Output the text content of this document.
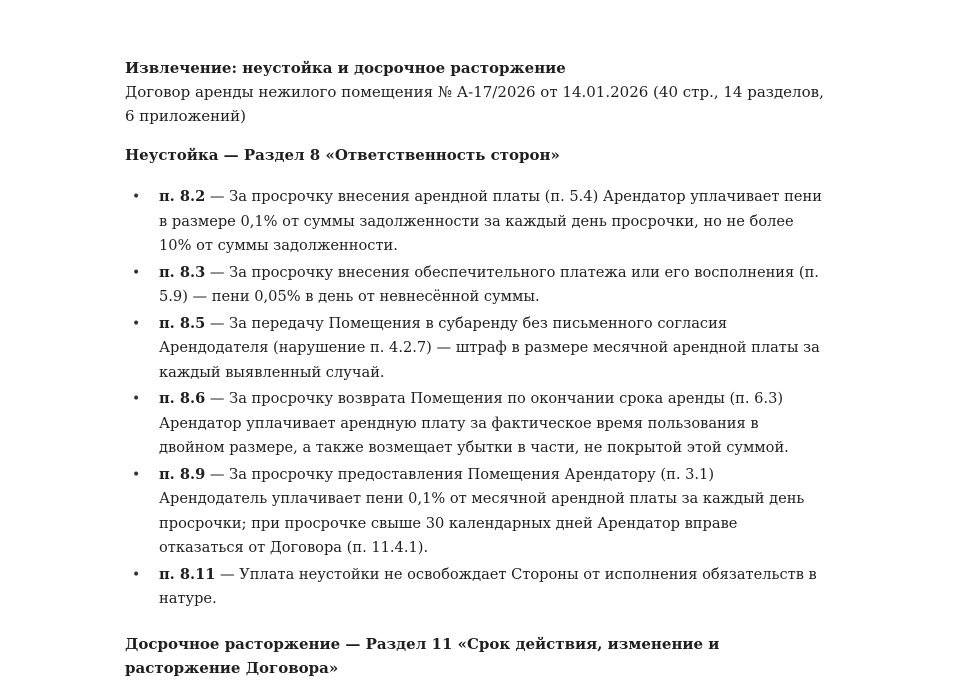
Извлечение: неустойка и досрочное расторжение

Договор аренды нежилого помещения № А-17/2026 от 14.01.2026 (40 стр., 14 разделов, 6 приложений)

Неустойка — Раздел 8 «Ответственность сторон»

• п. 8.2 — За просрочку внесения арендной платы (п. 5.4) Арендатор уплачивает пени в размере 0,1% от суммы задолженности за каждый день просрочки, но не более 10% от суммы задолженности.
• п. 8.3 — За просрочку внесения обеспечительного платежа или его восполнения (п. 5.9) — пени 0,05% в день от невнесённой суммы.
• п. 8.5 — За передачу Помещения в субаренду без письменного согласия Арендодателя (нарушение п. 4.2.7) — штраф в размере месячной арендной платы за каждый выявленный случай.
• п. 8.6 — За просрочку возврата Помещения по окончании срока аренды (п. 6.3) Арендатор уплачивает арендную плату за фактическое время пользования в двойном размере, а также возмещает убытки в части, не покрытой этой суммой.
• п. 8.9 — За просрочку предоставления Помещения Арендатору (п. 3.1) Арендодатель уплачивает пени 0,1% от месячной арендной платы за каждый день просрочки; при просрочке свыше 30 календарных дней Арендатор вправе отказаться от Договора (п. 11.4.1).
• п. 8.11 — Уплата неустойки не освобождает Стороны от исполнения обязательств в натуре.

Досрочное расторжение — Раздел 11 «Срок действия, изменение и расторжение Договора»
